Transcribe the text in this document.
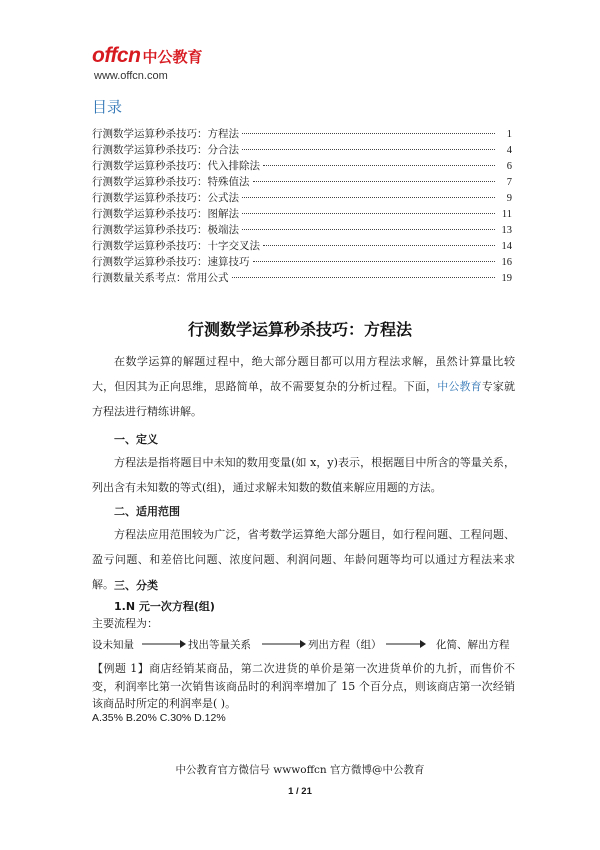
offcn 中公教育
www.offcn.com
目录
行测数学运算秒杀技巧：方程法	1
行测数学运算秒杀技巧：分合法	4
行测数学运算秒杀技巧：代入排除法	6
行测数学运算秒杀技巧：特殊值法	7
行测数学运算秒杀技巧：公式法	9
行测数学运算秒杀技巧：图解法	11
行测数学运算秒杀技巧：极端法	13
行测数学运算秒杀技巧：十字交叉法	14
行测数学运算秒杀技巧：速算技巧	16
行测数量关系考点：常用公式	19
行测数学运算秒杀技巧：方程法
在数学运算的解题过程中，绝大部分题目都可以用方程法求解，虽然计算量比较大，但因其为正向思维，思路简单，故不需要复杂的分析过程。下面，中公教育专家就方程法进行精练讲解。
一、定义
方程法是指将题目中未知的数用变量(如 x，y)表示，根据题目中所含的等量关系，列出含有未知数的等式(组)，通过求解未知数的数值来解应用题的方法。
二、适用范围
方程法应用范围较为广泛，省考数学运算绝大部分题目，如行程问题、工程问题、盈亏问题、和差倍比问题、浓度问题、利润问题、年龄问题等均可以通过方程法来求解。 三、分类
1.N 元一次方程(组)
主要流程为：
设未知量	找出等量关系	列出方程（组）	化简、解出方程
【例题 1】商店经销某商品，第二次进货的单价是第一次进货单价的九折，而售价不变，利润率比第一次销售该商品时的利润率增加了 15 个百分点，则该商店第一次经销该商品时所定的利润率是( )。
A.35% B.20% C.30% D.12%
中公教育官方微信号 wwwoffcn 官方微博@中公教育
1 / 21
